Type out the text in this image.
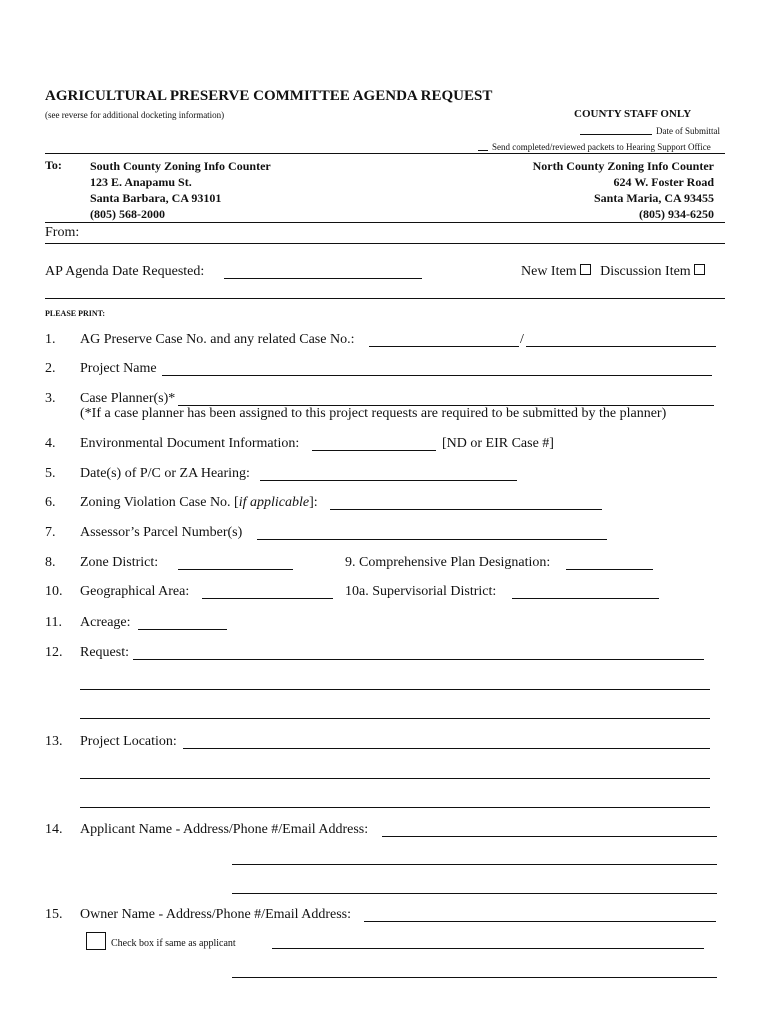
AGRICULTURAL PRESERVE COMMITTEE AGENDA REQUEST
(see reverse for additional docketing information)	COUNTY STAFF ONLY
Date of Submittal
Send completed/reviewed packets to Hearing Support Office
To: South County Zoning Info Counter
123 E. Anapamu St.
Santa Barbara, CA 93101
(805) 568-2000
North County Zoning Info Counter
624 W. Foster Road
Santa Maria, CA 93455
(805) 934-6250
From:
AP Agenda Date Requested:	New Item Discussion Item
PLEASE PRINT:
1. AG Preserve Case No. and any related Case No.:	/
2. Project Name
3. Case Planner(s)*
(*If a case planner has been assigned to this project requests are required to be submitted by the planner)
4. Environmental Document Information:	[ND or EIR Case #]
5. Date(s) of P/C or ZA Hearing:
6. Zoning Violation Case No. [if applicable]:
7. Assessor’s Parcel Number(s)
8. Zone District:	9. Comprehensive Plan Designation:
10. Geographical Area:	10a. Supervisorial District:
11. Acreage:
12. Request:
13. Project Location:
14. Applicant Name - Address/Phone #/Email Address:
15. Owner Name - Address/Phone #/Email Address:
Check box if same as applicant
